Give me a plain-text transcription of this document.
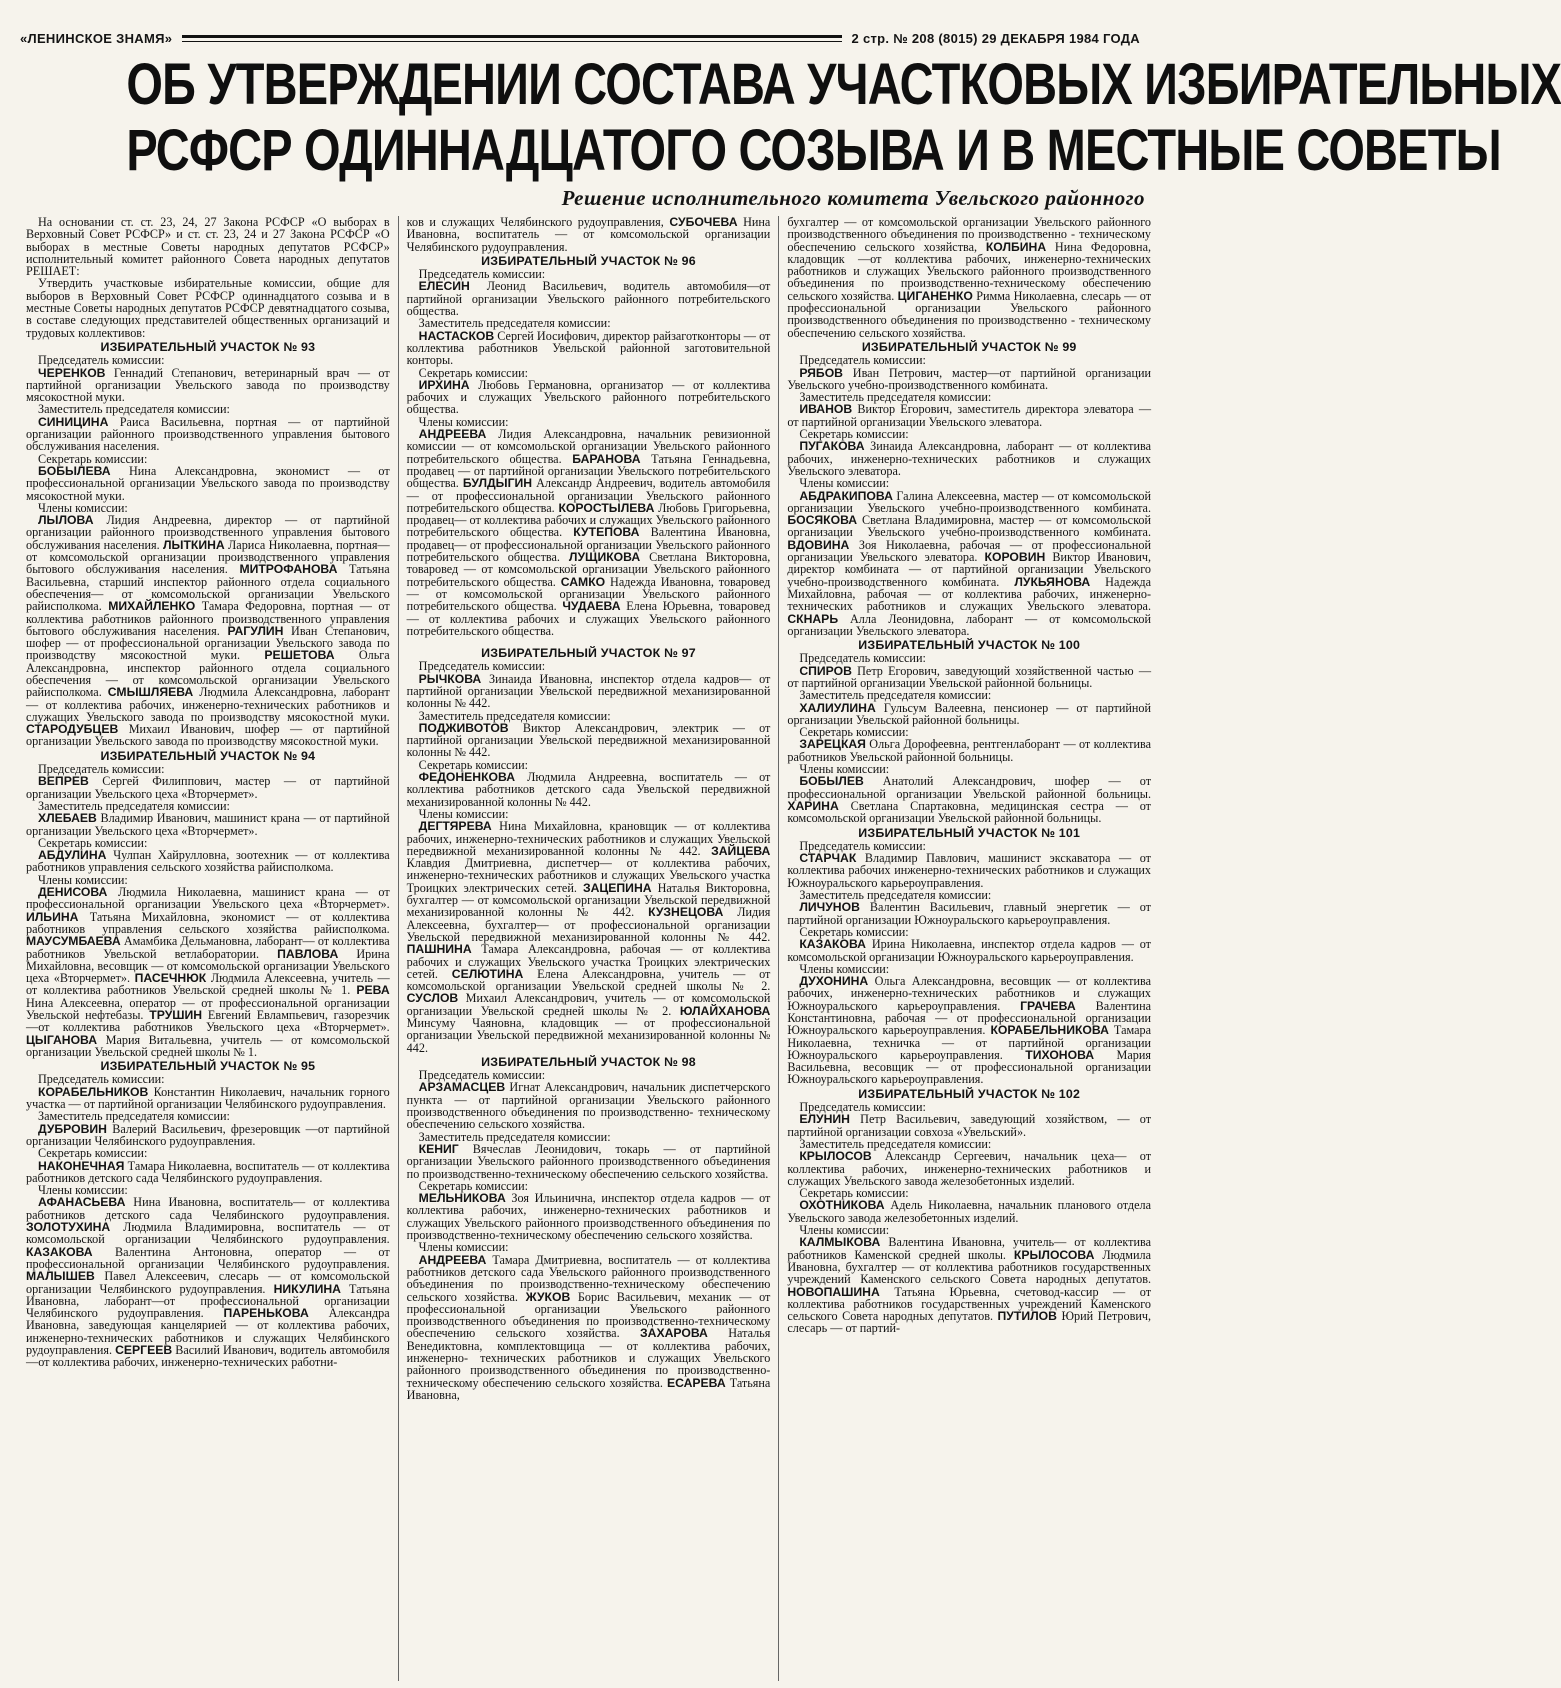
«ЛЕНИНСКОЕ ЗНАМЯ»	2 стр. № 208 (8015) 29 ДЕКАБРЯ 1984 ГОДА
ОБ УТВЕРЖДЕНИИ СОСТАВА УЧАСТКОВЫХ ИЗБИРАТЕЛЬНЫХ
РСФСР ОДИННАДЦАТОГО СОЗЫВА И В МЕСТНЫЕ СОВЕТЫ
Решение исполнительного комитета Увельского районного

На основании ст. ст. 23, 24, 27 Закона РСФСР «О выборах в Верховный Совет РСФСР» и ст. ст. 23, 24 и 27 Закона РСФСР «О выборах в местные Советы народных депутатов РСФСР» исполнительный комитет районного Совета народных депутатов РЕШАЕТ:

Утвердить участковые избирательные комиссии, общие для выборов в Верховный Совет РСФСР одиннадцатого созыва и в местные Советы народных депутатов РСФСР девятнадцатого созыва, в составе следующих представителей общественных организаций и трудовых коллективов:

ИЗБИРАТЕЛЬНЫЙ УЧАСТОК № 93

Председатель комиссии:

ЧЕРЕНКОВ Геннадий Степанович, ветеринарный врач — от партийной организации Увельского завода по производству мясокостной муки.

Заместитель председателя комиссии:

СИНИЦИНА Раиса Васильевна, портная — от партийной организации районного производственного управления бытового обслуживания населения.

Секретарь комиссии:

БОБЫЛЕВА Нина Александровна, экономист — от профессиональной организации Увельского завода по производству мясокостной муки.

Члены комиссии:

ЛЫЛОВА Лидия Андреевна, директор — от партийной организации районного производственного управления бытового обслуживания населения. ЛЫТКИНА Лариса Николаевна, портная— от комсомольской организации производственного управления бытового обслуживания населения. МИТРОФАНОВА Татьяна Васильевна, старший инспектор районного отдела социального обеспечения— от комсомольской организации Увельского райисполкома. МИХАЙЛЕНКО Тамара Федоровна, портная — от коллектива работников районного производственного управления бытового обслуживания населения. РАГУЛИН Иван Степанович, шофер — от профессиональной организации Увельского завода по производству мясокостной муки. РЕШЕТОВА Ольга Александровна, инспектор районного отдела социального обеспечения — от комсомольской организации Увельского райисполкома. СМЫШЛЯЕВА Людмила Александровна, лаборант— от коллектива рабочих, инженерно-технических работников и служащих Увельского завода по производству мясокостной муки. СТАРОДУБЦЕВ Михаил Иванович, шофер — от партийной организации Увельского завода по производству мясокостной муки.

ИЗБИРАТЕЛЬНЫЙ УЧАСТОК № 94

Председатель комиссии:

ВЕПРЕВ Сергей Филиппович, мастер — от партийной организации Увельского цеха «Вторчермет».

Заместитель председателя комиссии:

ХЛЕБАЕВ Владимир Иванович, машинист крана — от партийной организации Увельского цеха «Вторчермет».

Секретарь комиссии:

АБДУЛИНА Чулпан Хайрулловна, зоотехник — от коллектива работников управления сельского хозяйства райисполкома.

Члены комиссии:

ДЕНИСОВА Людмила Николаевна, машинист крана — от профессиональной организации Увельского цеха «Вторчермет». ИЛЬИНА Татьяна Михайловна, экономист — от коллектива работников управления сельского хозяйства райисполкома. МАУСУМБАЕВА Амамбика Дельмановна, лаборант— от коллектива работников Увельской ветлаборатории. ПАВЛОВА Ирина Михайловна, весовщик — от комсомольской организации Увельского цеха «Вторчермет». ПАСЕЧНЮК Людмила Алексеевна, учитель — от коллектива работников Увельской средней школы № 1. РЕВА Нина Алексеевна, оператор — от профессиональной организации Увельской нефтебазы. ТРУШИН Евгений Евлампьевич, газорезчик —от коллектива работников Увельского цеха «Вторчермет». ЦЫГАНОВА Мария Витальевна, учитель — от комсомольской организации Увельской средней школы № 1.

ИЗБИРАТЕЛЬНЫЙ УЧАСТОК № 95

Председатель комиссии:

КОРАБЕЛЬНИКОВ Константин Николаевич, начальник горного участка — от партийной организации Челябинского рудоуправления.

Заместитель председателя комиссии:

ДУБРОВИН Валерий Васильевич, фрезеровщик —от партийной организации Челябинского рудоуправления.

Секретарь комиссии:

НАКОНЕЧНАЯ Тамара Николаевна, воспитатель — от коллектива работников детского сада Челябинского рудоуправления.

Члены комиссии:

АФАНАСЬЕВА Нина Ивановна, воспитатель— от коллектива работников детского сада Челябинского рудоуправления. ЗОЛОТУХИНА Людмила Владимировна, воспитатель — от комсомольской организации Челябинского рудоуправления. КАЗАКОВА Валентина Антоновна, оператор — от профессиональной организации Челябинского рудоуправления. МАЛЫШЕВ Павел Алексеевич, слесарь — от комсомольской организации Челябинского рудоуправления. НИКУЛИНА Татьяна Ивановна, лаборант—от профессиональной организации Челябинского рудоуправления. ПАРЕНЬКОВА Александра Ивановна, заведующая канцелярией — от коллектива рабочих, инженерно-технических работников и служащих Челябинского рудоуправления. СЕРГЕЕВ Василий Иванович, водитель автомобиля —от коллектива рабочих, инженерно-технических работни-

ков и служащих Челябинского рудоуправления, СУБОЧЕВА Нина Ивановна, воспитатель — от комсомольской организации Челябинского рудоуправления.

ИЗБИРАТЕЛЬНЫЙ УЧАСТОК № 96

Председатель комиссии:

ЕЛЕСИН Леонид Васильевич, водитель автомобиля—от партийной организации Увельского районного потребительского общества.

Заместитель председателя комиссии:

НАСТАСКОВ Сергей Иосифович, директор райзаготконторы — от коллектива работников Увельской районной заготовительной конторы.

Секретарь комиссии:

ИРХИНА Любовь Германовна, организатор — от коллектива рабочих и служащих Увельского районного потребительского общества.

Члены комиссии:

АНДРЕЕВА Лидия Александровна, начальник ревизионной комиссии — от комсомольской организации Увельского районного потребительского общества. БАРАНОВА Татьяна Геннадьевна, продавец — от партийной организации Увельского потребительского общества. БУЛДЫГИН Александр Андреевич, водитель автомобиля — от профессиональной организации Увельского районного потребительского общества. КОРОСТЫЛЕВА Любовь Григорьевна, продавец— от коллектива рабочих и служащих Увельского районного потребительского общества. КУТЕПОВА Валентина Ивановна, продавец— от профессиональной организации Увельского районного потребительского общества. ЛУЩИКОВА Светлана Викторовна, товаровед — от комсомольской организации Увельского районного потребительского общества. САМКО Надежда Ивановна, товаровед — от комсомольской организации Увельского районного потребительского общества. ЧУДАЕВА Елена Юрьевна, товаровед — от коллектива рабочих и служащих Увельского районного потребительского общества.

ИЗБИРАТЕЛЬНЫЙ УЧАСТОК № 97

Председатель комиссии:

РЫЧКОВА Зинаида Ивановна, инспектор отдела кадров— от партийной организации Увельской передвижной механизированной колонны № 442.

Заместитель председателя комиссии:

ПОДЖИВОТОВ Виктор Александрович, электрик — от партийной организации Увельской передвижной механизированной колонны № 442.

Секретарь комиссии:

ФЕДОНЕНКОВА Людмила Андреевна, воспитатель — от коллектива работников детского сада Увельской передвижной механизированной колонны № 442.

Члены комиссии:

ДЕГТЯРЕВА Нина Михайловна, крановщик — от коллектива рабочих, инженерно-технических работников и служащих Увельской передвижной механизированной колонны № 442. ЗАЙЦЕВА Клавдия Дмитриевна, диспетчер— от коллектива рабочих, инженерно-технических работников и служащих Увельского участка Троицких электрических сетей. ЗАЦЕПИНА Наталья Викторовна, бухгалтер — от комсомольской организации Увельской передвижной механизированной колонны № 442. КУЗНЕЦОВА Лидия Алексеевна, бухгалтер— от профессиональной организации Увельской передвижной механизированной колонны № 442. ПАШНИНА Тамара Александровна, рабочая — от коллектива рабочих и служащих Увельского участка Троицких электрических сетей. СЕЛЮТИНА Елена Александровна, учитель — от комсомольской организации Увельской средней школы № 2. СУСЛОВ Михаил Александрович, учитель — от комсомольской организации Увельской средней школы № 2. ЮЛАЙХАНОВА Минсуму Чаяновна, кладовщик — от профессиональной организации Увельской передвижной механизированной колонны № 442.

ИЗБИРАТЕЛЬНЫЙ УЧАСТОК № 98

Председатель комиссии:

АРЗАМАСЦЕВ Игнат Александрович, начальник диспетчерского пункта — от партийной организации Увельского районного производственного объединения по производственно- техническому обеспечению сельского хозяйства.

Заместитель председателя комиссии:

КЕНИГ Вячеслав Леонидович, токарь — от партийной организации Увельского районного производственного объединения по производственно-техническому обеспечению сельского хозяйства.

Секретарь комиссии:

МЕЛЬНИКОВА Зоя Ильинична, инспектор отдела кадров — от коллектива рабочих, инженерно-технических работников и служащих Увельского районного производственного объединения по производственно-техническому обеспечению сельского хозяйства.

Члены комиссии:

АНДРЕЕВА Тамара Дмитриевна, воспитатель — от коллектива работников детского сада Увельского районного производственного объединения по производственно-техническому обеспечению сельского хозяйства. ЖУКОВ Борис Васильевич, механик — от профессиональной организации Увельского районного производственного объединения по производственно-техническому обеспечению сельского хозяйства. ЗАХАРОВА Наталья Венедиктовна, комплектовщица — от коллектива рабочих, инженерно- технических работников и служащих Увельского районного производственного объединения по производственно-техническому обеспечению сельского хозяйства. ЕСАРЕВА Татьяна Ивановна,

бухгалтер — от комсомольской организации Увельского районного производственного объединения по производственно - техническому обеспечению сельского хозяйства, КОЛБИНА Нина Федоровна, кладовщик —от коллектива рабочих, инженерно-технических работников и служащих Увельского районного производственного объединения по производственно-техническому обеспечению сельского хозяйства. ЦИГАНЕНКО Римма Николаевна, слесарь — от профессиональной организации Увельского районного производственного объединения по производственно - техническому обеспечению сельского хозяйства.

ИЗБИРАТЕЛЬНЫЙ УЧАСТОК № 99

Председатель комиссии:

РЯБОВ Иван Петрович, мастер—от партийной организации Увельского учебно-производственного комбината.

Заместитель председателя комиссии:

ИВАНОВ Виктор Егорович, заместитель директора элеватора — от партийной организации Увельского элеватора.

Секретарь комиссии:

ПУГАКОВА Зинаида Александровна, лаборант — от коллектива рабочих, инженерно-технических работников и служащих Увельского элеватора.

Члены комиссии:

АБДРАКИПОВА Галина Алексеевна, мастер — от комсомольской организации Увельского учебно-производственного комбината. БОСЯКОВА Светлана Владимировна, мастер — от комсомольской организации Увельского учебно-производственного комбината. ВДОВИНА Зоя Николаевна, рабочая — от профессиональной организации Увельского элеватора. КОРОВИН Виктор Иванович, директор комбината — от партийной организации Увельского учебно-производственного комбината. ЛУКЬЯНОВА Надежда Михайловна, рабочая — от коллектива рабочих, инженерно-технических работников и служащих Увельского элеватора. СКНАРЬ Алла Леонидовна, лаборант — от комсомольской организации Увельского элеватора.

ИЗБИРАТЕЛЬНЫЙ УЧАСТОК № 100

Председатель комиссии:

СПИРОВ Петр Егорович, заведующий хозяйственной частью — от партийной организации Увельской районной больницы.

Заместитель председателя комиссии:

ХАЛИУЛИНА Гульсум Валеевна, пенсионер — от партийной организации Увельской районной больницы.

Секретарь комиссии:

ЗАРЕЦКАЯ Ольга Дорофеевна, рентгенлаборант — от коллектива работников Увельской районной больницы.

Члены комиссии:

БОБЫЛЕВ Анатолий Александрович, шофер — от профессиональной организации Увельской районной больницы. ХАРИНА Светлана Спартаковна, медицинская сестра — от комсомольской организации Увельской районной больницы.

ИЗБИРАТЕЛЬНЫЙ УЧАСТОК № 101

Председатель комиссии:

СТАРЧАК Владимир Павлович, машинист экскаватора — от коллектива рабочих инженерно-технических работников и служащих Южноуральского карьероуправления.

Заместитель председателя комиссии:

ЛИЧУНОВ Валентин Васильевич, главный энергетик — от партийной организации Южноуральского карьероуправления.

Секретарь комиссии:

КАЗАКОВА Ирина Николаевна, инспектор отдела кадров — от комсомольской организации Южноуральского карьероуправления.

Члены комиссии:

ДУХОНИНА Ольга Александровна, весовщик — от коллектива рабочих, инженерно-технических работников и служащих Южноуральского карьероуправления. ГРАЧЕВА Валентина Константиновна, рабочая — от профессиональной организации Южноуральского карьероуправления. КОРАБЕЛЬНИКОВА Тамара Николаевна, техничка — от партийной организации Южноуральского карьероуправления. ТИХОНОВА Мария Васильевна, весовщик — от профессиональной организации Южноуральского карьероуправления.

ИЗБИРАТЕЛЬНЫЙ УЧАСТОК № 102

Председатель комиссии:

ЕЛУНИН Петр Васильевич, заведующий хозяйством, — от партийной организации совхоза «Увельский».

Заместитель председателя комиссии:

КРЫЛОСОВ Александр Сергеевич, начальник цеха— от коллектива рабочих, инженерно-технических работников и служащих Увельского завода железобетонных изделий.

Секретарь комиссии:

ОХОТНИКОВА Адель Николаевна, начальник планового отдела Увельского завода железобетонных изделий.

Члены комиссии:

КАЛМЫКОВА Валентина Ивановна, учитель— от коллектива работников Каменской средней школы. КРЫЛОСОВА Людмила Ивановна, бухгалтер — от коллектива работников государственных учреждений Каменского сельского Совета народных депутатов. НОВОПАШИНА Татьяна Юрьевна, счетовод-кассир — от коллектива работников государственных учреждений Каменского сельского Совета народных депутатов. ПУТИЛОВ Юрий Петрович, слесарь — от партий-
